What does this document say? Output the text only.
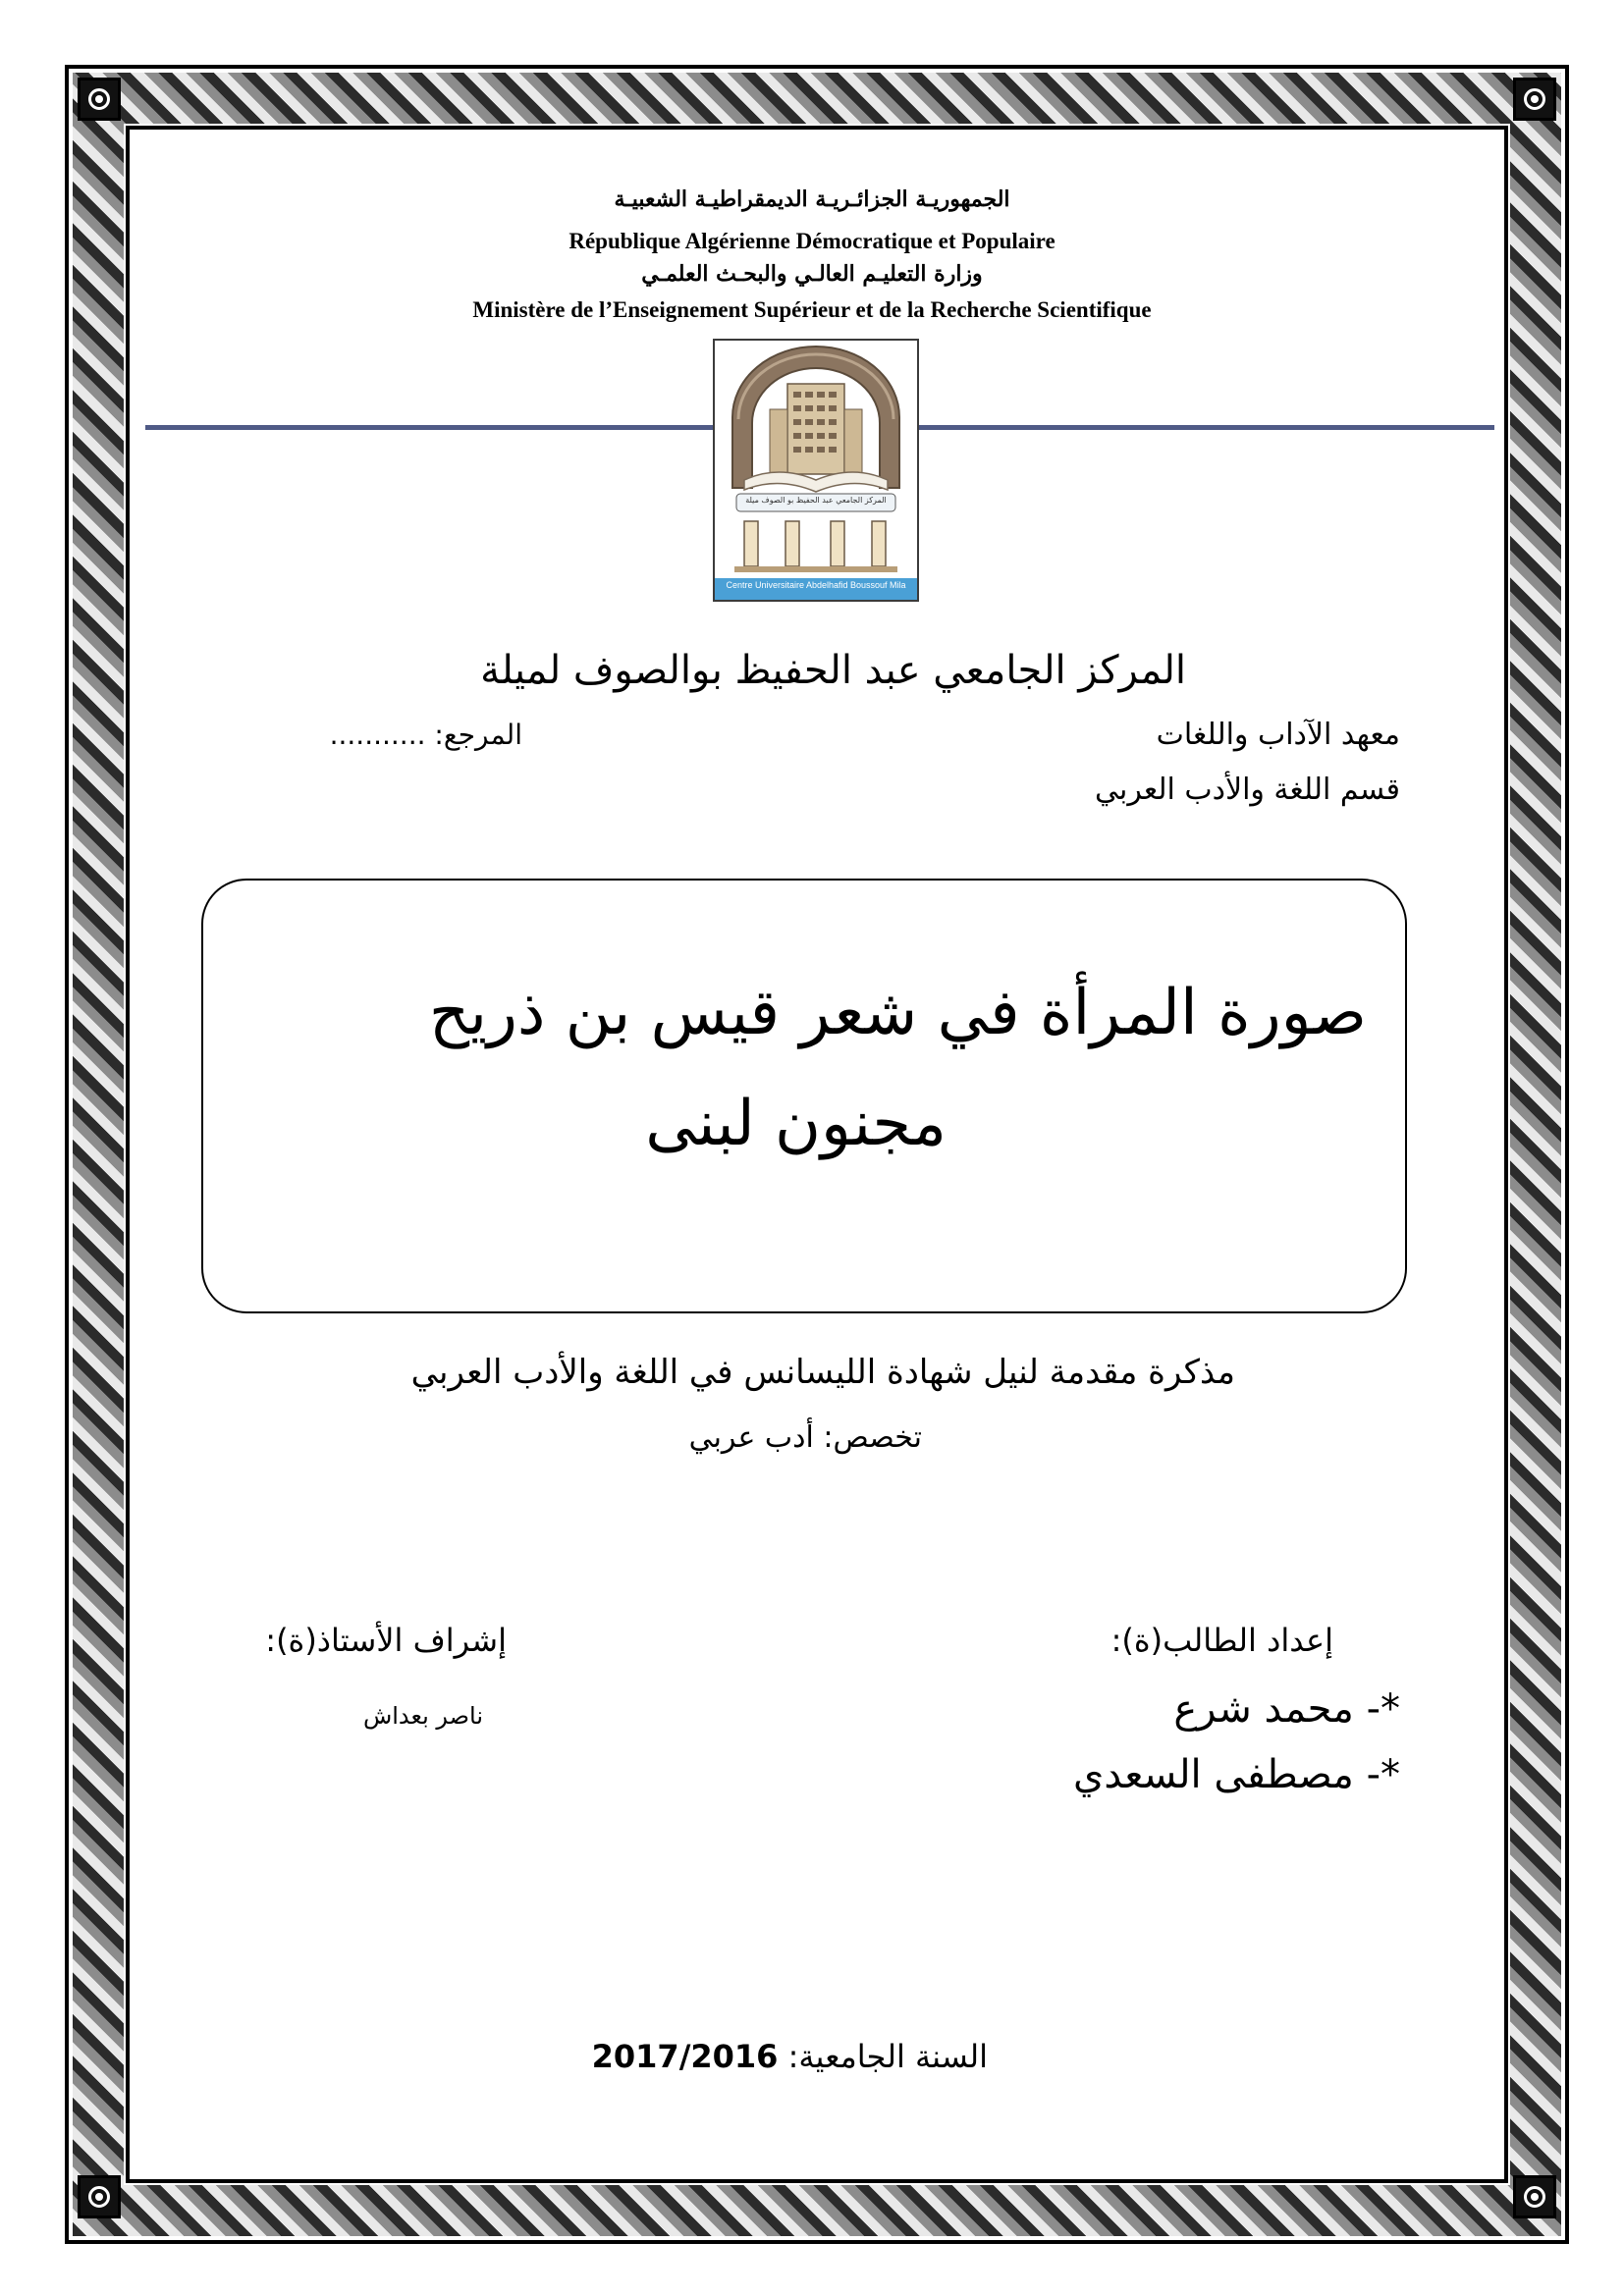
الجمهوريـة الجزائـريـة الديمقراطيـة الشعبيـة
République Algérienne Démocratique et Populaire
وزارة التعليـم العالـي والبحـث العلمـي
Ministère de l’Enseignement Supérieur et de la Recherche Scientifique
المركز الجامعي عبد الحفيظ بو الصوف ميلة
Centre Universitaire Abdelhafid Boussouf Mila
المركز الجامعي عبد الحفيظ بوالصوف لميلة
معهد الآداب واللغات
المرجع: ...........
قسم اللغة والأدب العربي
صورة المرأة في شعر قيس بن ذريح
مجنون لبنى
مذكرة مقدمة لنيل شهادة الليسانس في اللغة والأدب العربي
تخصص: أدب عربي
إعداد الطالب(ة):
*- محمد شرع
*- مصطفى السعدي
إشراف الأستاذ(ة):
ناصر بعداش
السنة الجامعية: 2017/2016
